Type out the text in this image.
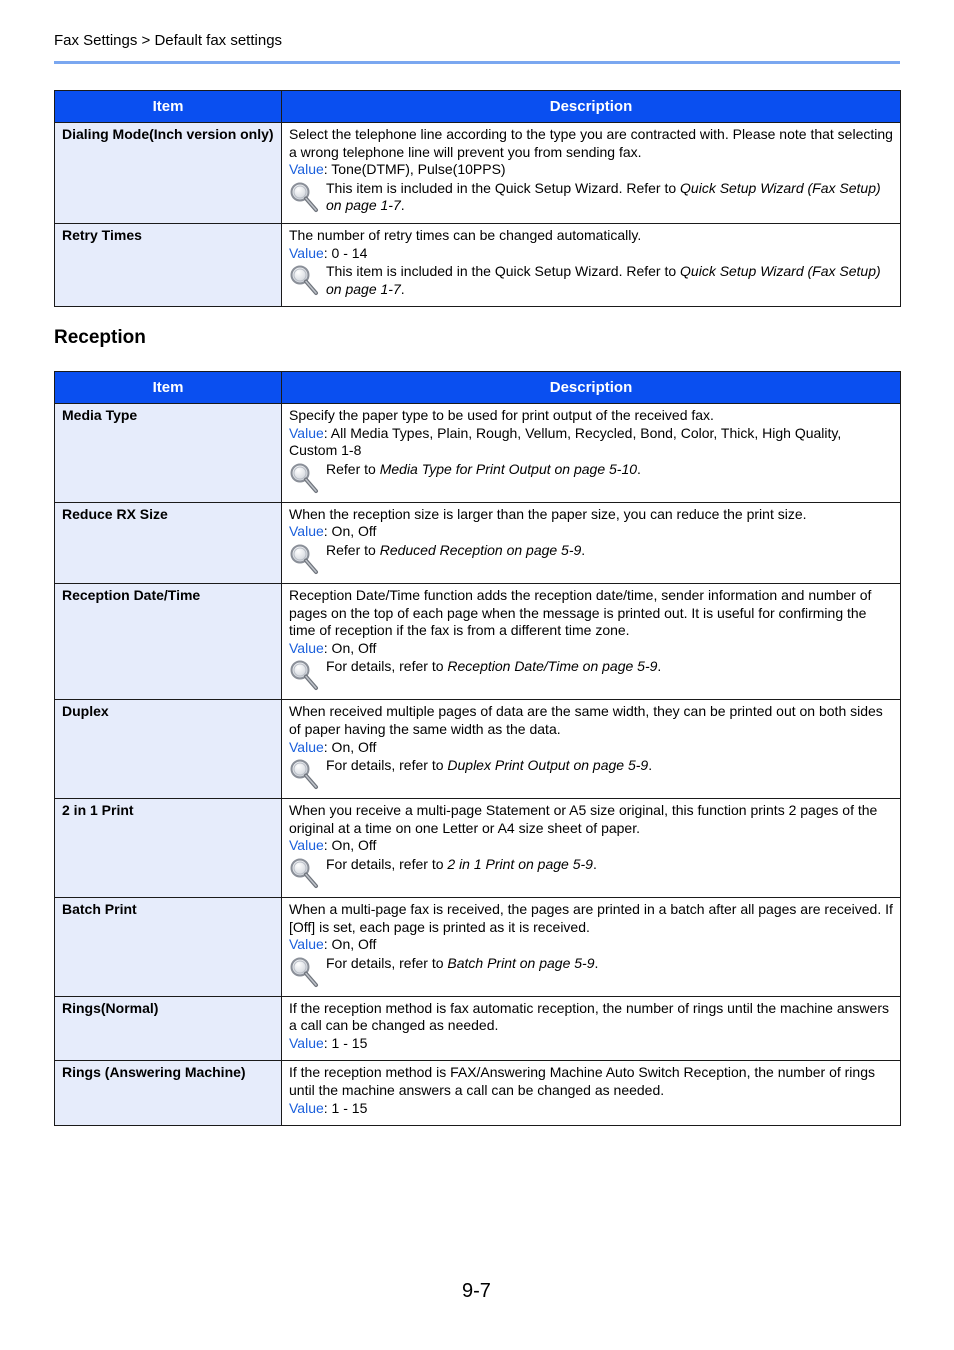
Fax Settings > Default fax settings
Item	Description
Dialing Mode(Inch version only)	Select the telephone line according to the type you are contracted with. Please note that selecting a wrong telephone line will prevent you from sending fax.

Value: Tone(DTMF), Pulse(10PPS)

This item is included in the Quick Setup Wizard. Refer to Quick Setup Wizard (Fax Setup) on page 1-7.

Retry Times	The number of retry times can be changed automatically.

Value: 0 - 14

This item is included in the Quick Setup Wizard. Refer to Quick Setup Wizard (Fax Setup) on page 1-7.
Reception
Item	Description
Media Type	Specify the paper type to be used for print output of the received fax.

Value: All Media Types, Plain, Rough, Vellum, Recycled, Bond, Color, Thick, High Quality, Custom 1-8

Refer to Media Type for Print Output on page 5-10.

Reduce RX Size	When the reception size is larger than the paper size, you can reduce the print size.

Value: On, Off

Refer to Reduced Reception on page 5-9.

Reception Date/Time	Reception Date/Time function adds the reception date/time, sender information and number of pages on the top of each page when the message is printed out. It is useful for confirming the time of reception if the fax is from a different time zone.

Value: On, Off

For details, refer to Reception Date/Time on page 5-9.

Duplex	When received multiple pages of data are the same width, they can be printed out on both sides of paper having the same width as the data.

Value: On, Off

For details, refer to Duplex Print Output on page 5-9.

2 in 1 Print	When you receive a multi-page Statement or A5 size original, this function prints 2 pages of the original at a time on one Letter or A4 size sheet of paper.

Value: On, Off

For details, refer to 2 in 1 Print on page 5-9.

Batch Print	When a multi-page fax is received, the pages are printed in a batch after all pages are received. If [Off] is set, each page is printed as it is received.

Value: On, Off

For details, refer to Batch Print on page 5-9.

Rings(Normal)	If the reception method is fax automatic reception, the number of rings until the machine answers a call can be changed as needed.

Value: 1 - 15

Rings (Answering Machine)	If the reception method is FAX/Answering Machine Auto Switch Reception, the number of rings until the machine answers a call can be changed as needed.

Value: 1 - 15

9-7
